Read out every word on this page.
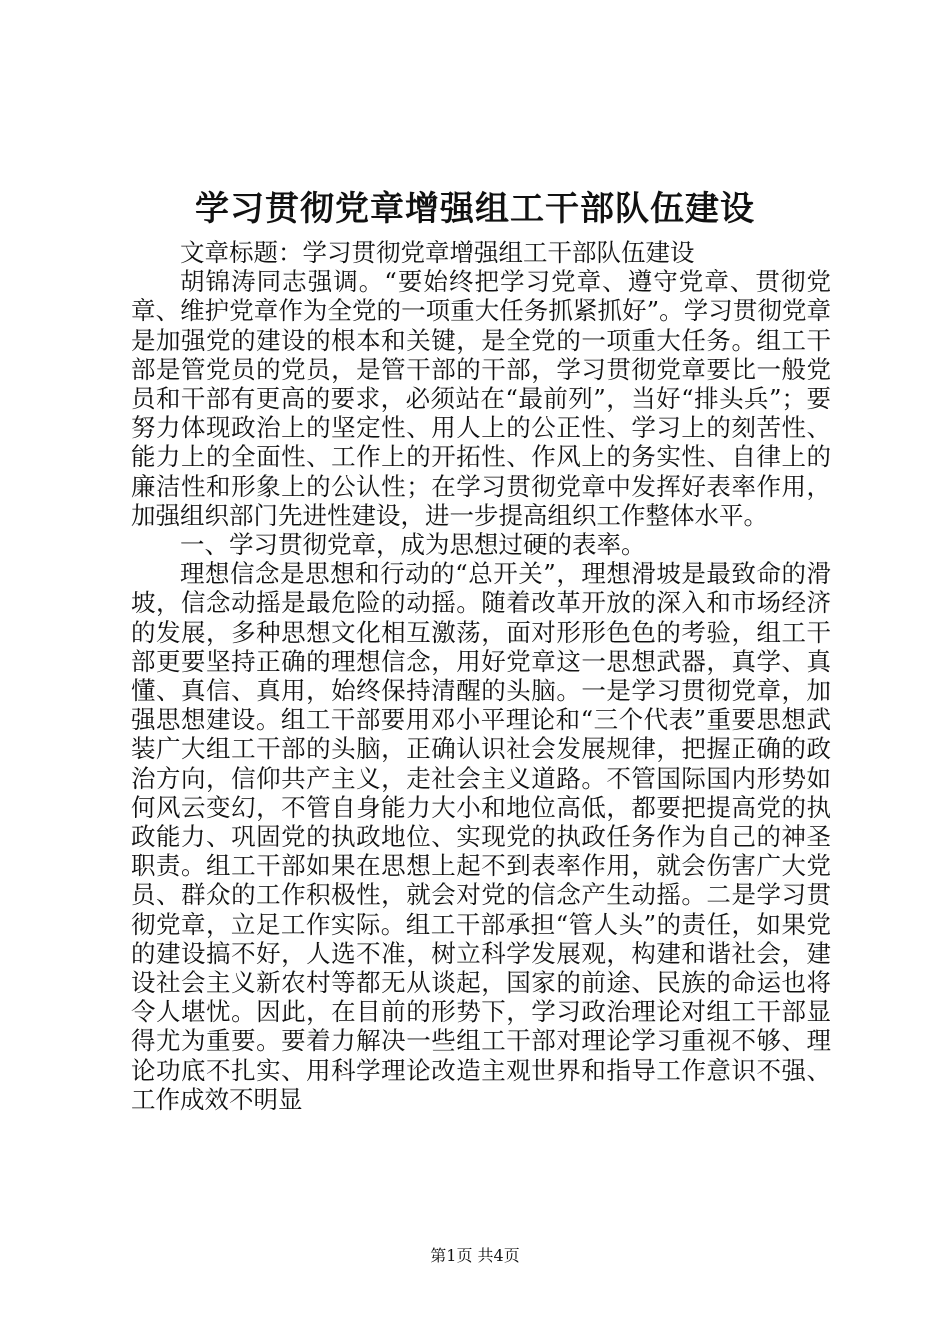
学习贯彻党章增强组工干部队伍建设

文章标题：学习贯彻党章增强组工干部队伍建设

胡锦涛同志强调。“要始终把学习党章、遵守党章、贯彻党章、维护党章作为全党的一项重大任务抓紧抓好”。学习贯彻党章是加强党的建设的根本和关键，是全党的一项重大任务。组工干部是管党员的党员，是管干部的干部，学习贯彻党章要比一般党员和干部有更高的要求，必须站在“最前列”，当好“排头兵”；要努力体现政治上的坚定性、用人上的公正性、学习上的刻苦性、能力上的全面性、工作上的开拓性、作风上的务实性、自律上的廉洁性和形象上的公认性；在学习贯彻党章中发挥好表率作用，加强组织部门先进性建设，进一步提高组织工作整体水平。

一、学习贯彻党章，成为思想过硬的表率。

理想信念是思想和行动的“总开关”，理想滑坡是最致命的滑坡，信念动摇是最危险的动摇。随着改革开放的深入和市场经济的发展，多种思想文化相互激荡，面对形形色色的考验，组工干部更要坚持正确的理想信念，用好党章这一思想武器，真学、真懂、真信、真用，始终保持清醒的头脑。一是学习贯彻党章，加强思想建设。组工干部要用邓小平理论和“三个代表”重要思想武装广大组工干部的头脑，正确认识社会发展规律，把握正确的政治方向，信仰共产主义，走社会主义道路。不管国际国内形势如何风云变幻，不管自身能力大小和地位高低，都要把提高党的执政能力、巩固党的执政地位、实现党的执政任务作为自己的神圣职责。组工干部如果在思想上起不到表率作用，就会伤害广大党员、群众的工作积极性，就会对党的信念产生动摇。二是学习贯彻党章，立足工作实际。组工干部承担“管人头”的责任，如果党的建设搞不好，人选不准，树立科学发展观，构建和谐社会，建设社会主义新农村等都无从谈起，国家的前途、民族的命运也将令人堪忧。因此，在目前的形势下，学习政治理论对组工干部显得尤为重要。要着力解决一些组工干部对理论学习重视不够、理论功底不扎实、用科学理论改造主观世界和指导工作意识不强、工作成效不明显

第1页 共4页
